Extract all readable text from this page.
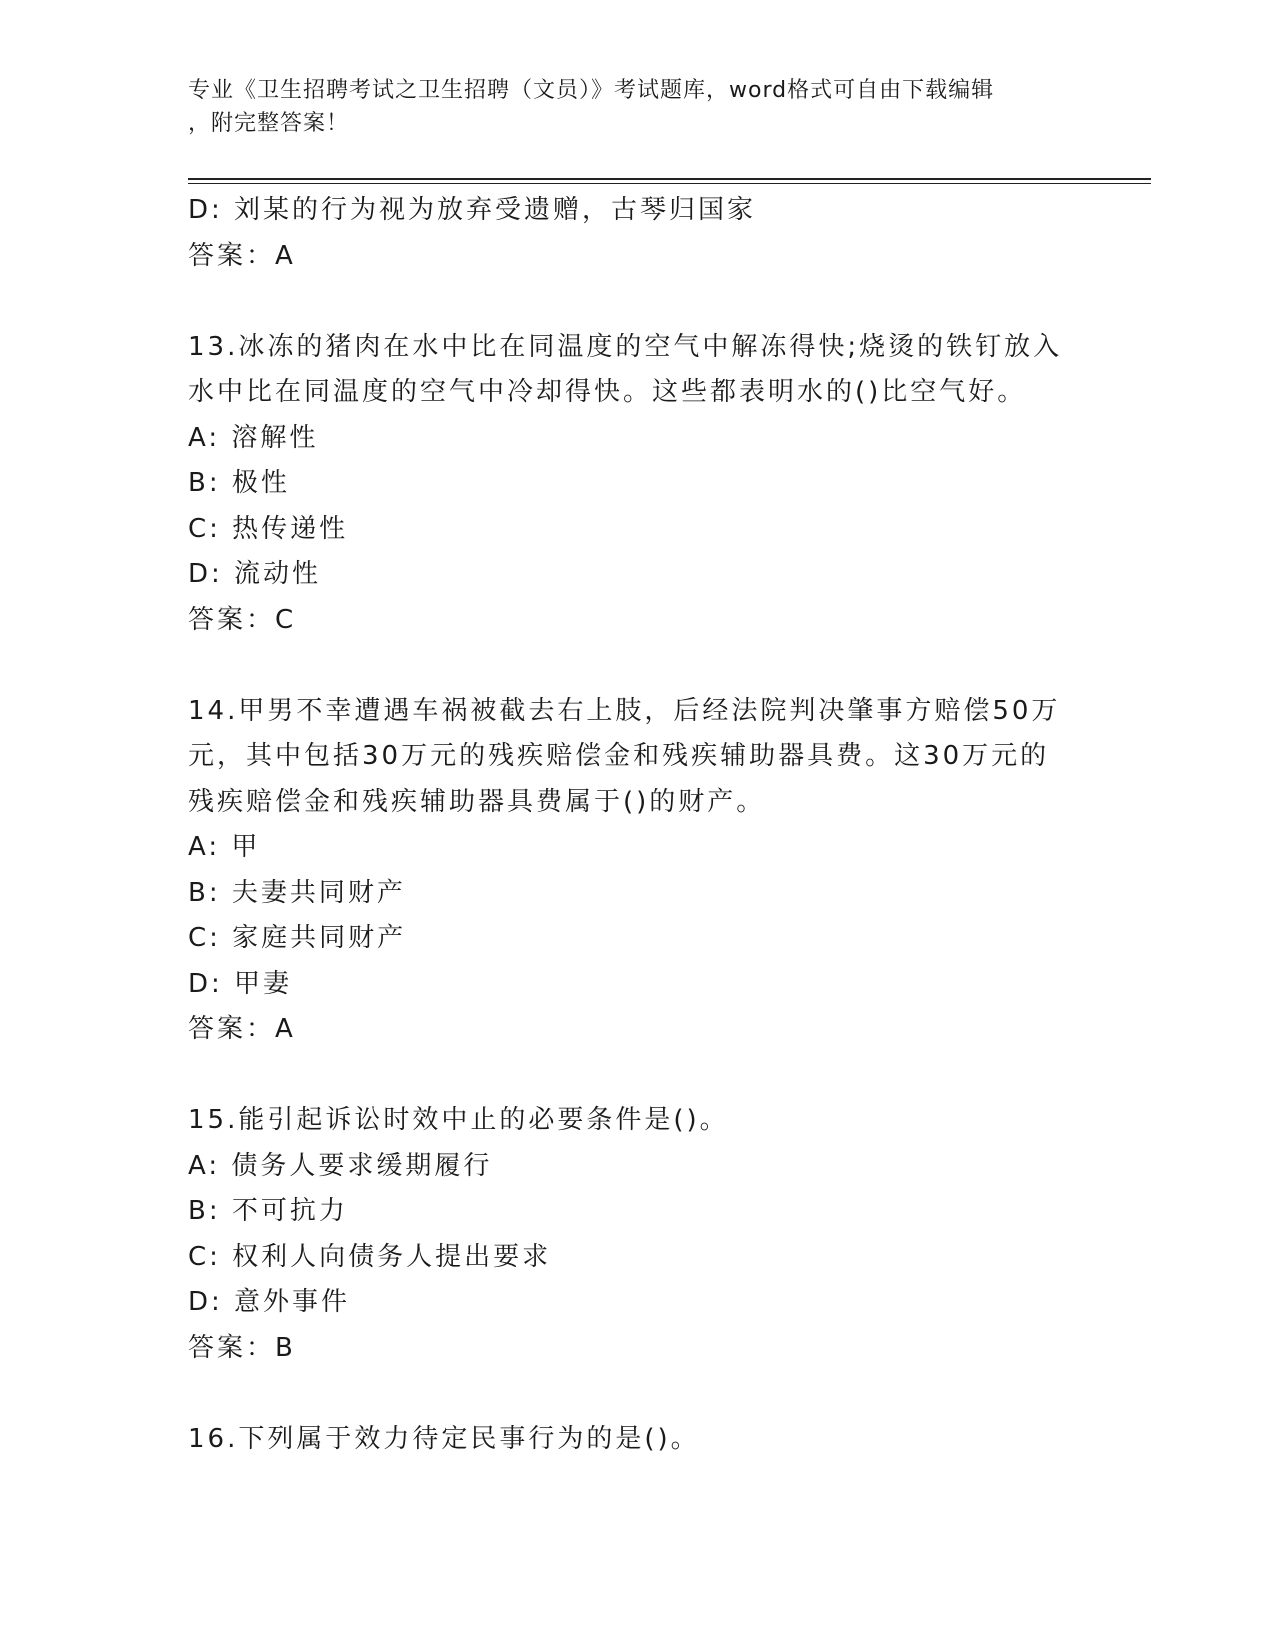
专业《卫生招聘考试之卫生招聘（文员）》考试题库，word格式可自由下载编辑
，附完整答案！
D: 刘某的行为视为放弃受遗赠，古琴归国家
答案：A
13.冰冻的猪肉在水中比在同温度的空气中解冻得快;烧烫的铁钉放入
水中比在同温度的空气中冷却得快。这些都表明水的()比空气好。
A: 溶解性
B: 极性
C: 热传递性
D: 流动性
答案：C
14.甲男不幸遭遇车祸被截去右上肢，后经法院判决肇事方赔偿50万
元，其中包括30万元的残疾赔偿金和残疾辅助器具费。这30万元的
残疾赔偿金和残疾辅助器具费属于()的财产。
A: 甲
B: 夫妻共同财产
C: 家庭共同财产
D: 甲妻
答案：A
15.能引起诉讼时效中止的必要条件是()。
A: 债务人要求缓期履行
B: 不可抗力
C: 权利人向债务人提出要求
D: 意外事件
答案：B
16.下列属于效力待定民事行为的是()。
